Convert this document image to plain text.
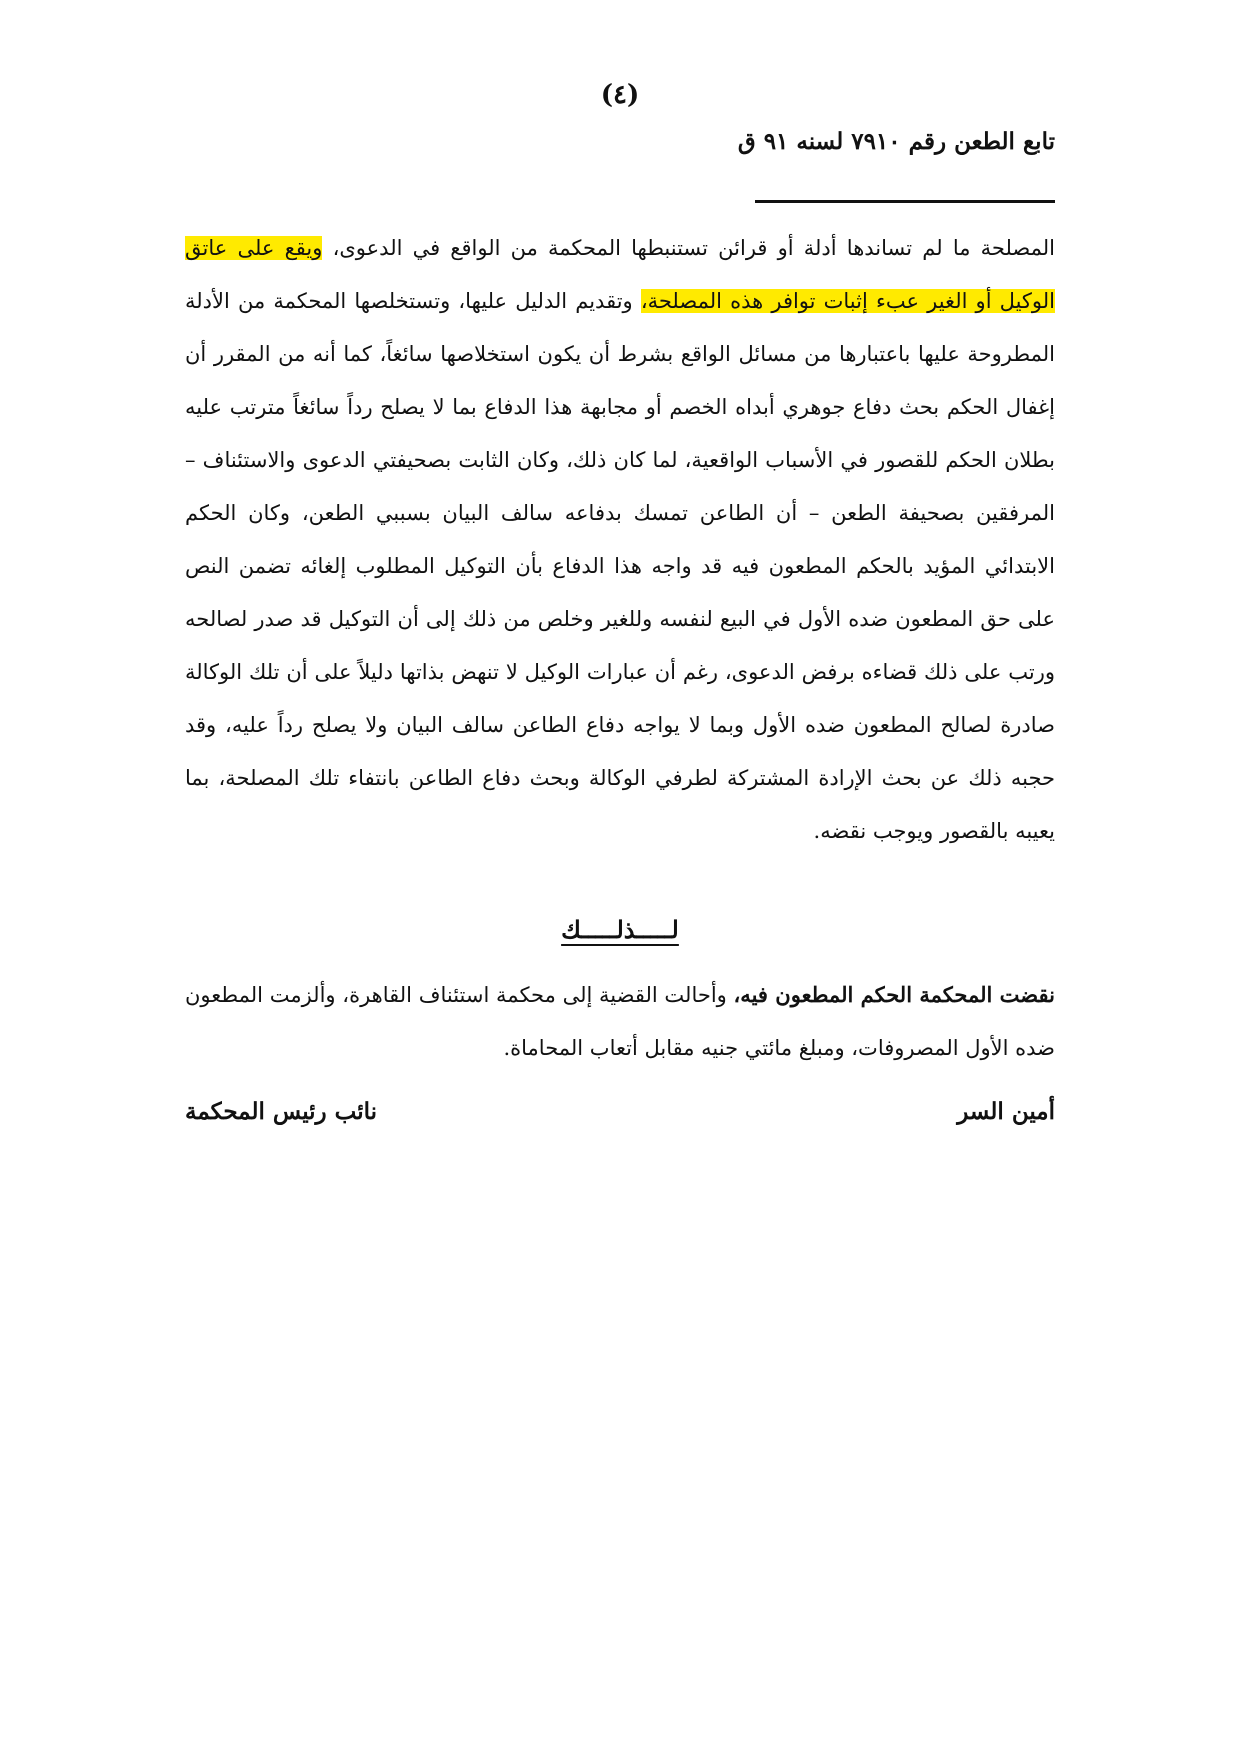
(٤)
تابع الطعن رقم ٧٩١٠ لسنه ٩١ ق

المصلحة ما لم تساندها أدلة أو قرائن تستنبطها المحكمة من الواقع في الدعوى، ويقع على عاتق الوكيل أو الغير عبء إثبات توافر هذه المصلحة، وتقديم الدليل عليها، وتستخلصها المحكمة من الأدلة المطروحة عليها باعتبارها من مسائل الواقع بشرط أن يكون استخلاصها سائغاً، كما أنه من المقرر أن إغفال الحكم بحث دفاع جوهري أبداه الخصم أو مجابهة هذا الدفاع بما لا يصلح رداً سائغاً مترتب عليه بطلان الحكم للقصور في الأسباب الواقعية، لما كان ذلك، وكان الثابت بصحيفتي الدعوى والاستئناف – المرفقين بصحيفة الطعن – أن الطاعن تمسك بدفاعه سالف البيان بسببي الطعن، وكان الحكم الابتدائي المؤيد بالحكم المطعون فيه قد واجه هذا الدفاع بأن التوكيل المطلوب إلغائه تضمن النص على حق المطعون ضده الأول في البيع لنفسه وللغير وخلص من ذلك إلى أن التوكيل قد صدر لصالحه ورتب على ذلك قضاءه برفض الدعوى، رغم أن عبارات الوكيل لا تنهض بذاتها دليلاً على أن تلك الوكالة صادرة لصالح المطعون ضده الأول وبما لا يواجه دفاع الطاعن سالف البيان ولا يصلح رداً عليه، وقد حجبه ذلك عن بحث الإرادة المشتركة لطرفي الوكالة وبحث دفاع الطاعن بانتفاء تلك المصلحة، بما يعيبه بالقصور ويوجب نقضه.

لـــــذلـــــك

نقضت المحكمة الحكم المطعون فيه، وأحالت القضية إلى محكمة استئناف القاهرة، وألزمت المطعون ضده الأول المصروفات، ومبلغ مائتي جنيه مقابل أتعاب المحاماة.

أمين السر
نائب رئيس المحكمة
